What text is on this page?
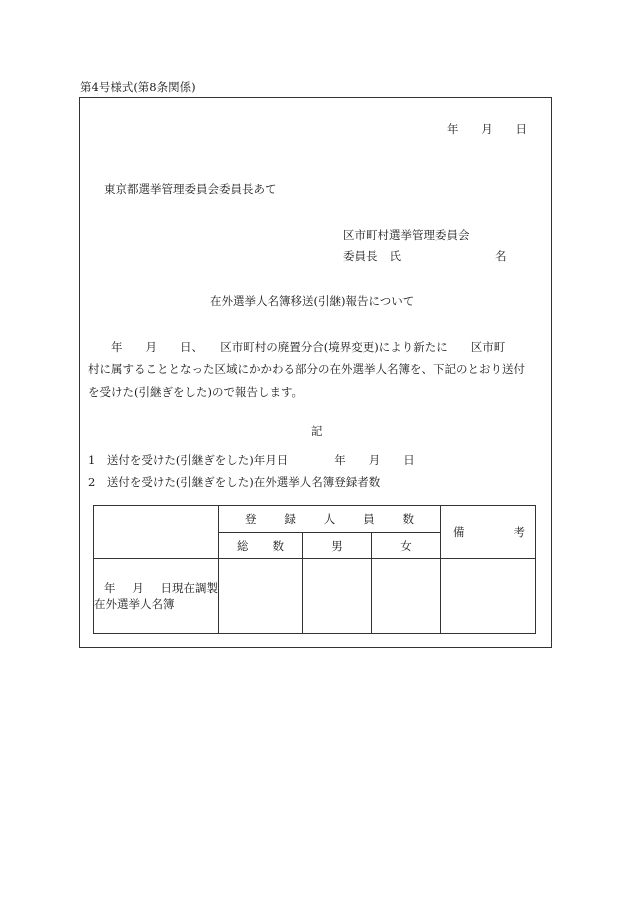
第4号様式(第8条関係)
年 月 日
東京都選挙管理委員会委員長あて
区市町村選挙管理委員会
委員長 氏	名
在外選挙人名簿移送(引継)報告について
　　年　　月　　日、　　区市町村の廃置分合(境界変更)により新たに　　区市町
村に属することとなった区域にかかわる部分の在外選挙人名簿を、下記のとおり送付
を受けた(引継ぎをした)ので報告します。
記
1　送付を受けた(引継ぎをした)年月日　　　　年　　月　　日
2　送付を受けた(引継ぎをした)在外選挙人名簿登録者数

	登 録 人 員 数			備 考

	総 数	男	女	

年 月 日現在調製
在外選挙人名簿				
